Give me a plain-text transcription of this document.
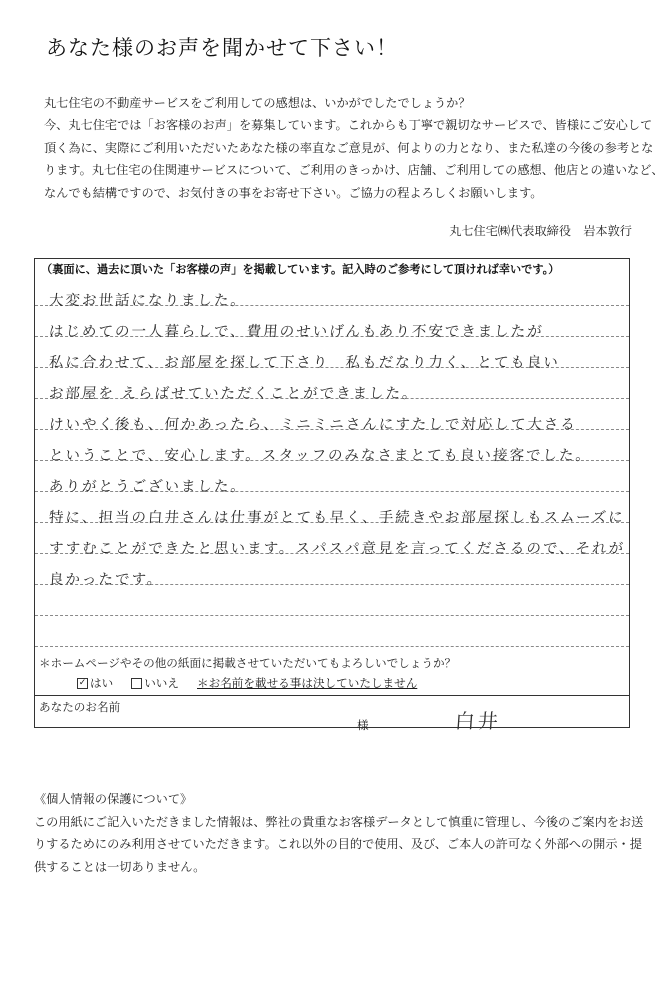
あなた様のお声を聞かせて下さい！

丸七住宅の不動産サービスをご利用しての感想は、いかがでしたでしょうか？

今、丸七住宅では「お客様のお声」を募集しています。これからも丁寧で親切なサービスで、皆様にご安心して

頂く為に、実際にご利用いただいたあなた様の率直なご意見が、何よりの力となり、また私達の今後の参考とな

ります。丸七住宅の住関連サービスについて、ご利用のきっかけ、店舗、ご利用しての感想、他店との違いなど、

なんでも結構ですので、お気付きの事をお寄せ下さい。ご協力の程よろしくお願いします。

丸七住宅㈱代表取締役　岩本敦行
（裏面に、過去に頂いた「お客様の声」を掲載しています。記入時のご参考にして頂ければ幸いです。）
大変お世話になりました。
はじめての一人暮らしで、費用のせいげんもあり不安できましたが
私に合わせて、お部屋を探して下さり　私もだなり力く、とても良い
お部屋を えらばせていただくことができました。
けいやく後も、何かあったら、ミニミニさんにすたしで対応して大さる
ということで、安心します。スタッフのみなさまとても良い接客でした。
ありがとうございました。
特に、担当の白井さんは仕事がとても早く、手続きやお部屋探しもスムーズに
すすむことができたと思います。スパスパ意見を言ってくださるので、それが
良かったです。
＊ホームページやその他の紙面に掲載させていただいてもよろしいでしょうか？
✓ はい	いいえ ＊お名前を載せる事は決していたしません
あなたのお名前
様	白井

《個人情報の保護について》

この用紙にご記入いただきました情報は、弊社の貴重なお客様データとして慎重に管理し、今後のご案内をお送

りするためにのみ利用させていただきます。これ以外の目的で使用、及び、ご本人の許可なく外部への開示・提

供することは一切ありません。
